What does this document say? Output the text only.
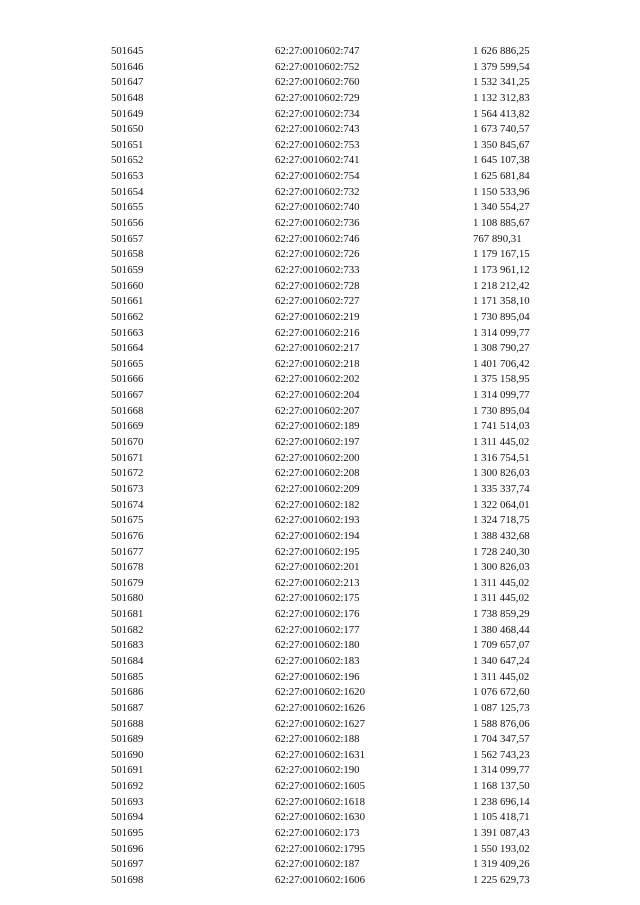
501645	62:27:0010602:747	1 626 886,25
501646	62:27:0010602:752	1 379 599,54
501647	62:27:0010602:760	1 532 341,25
501648	62:27:0010602:729	1 132 312,83
501649	62:27:0010602:734	1 564 413,82
501650	62:27:0010602:743	1 673 740,57
501651	62:27:0010602:753	1 350 845,67
501652	62:27:0010602:741	1 645 107,38
501653	62:27:0010602:754	1 625 681,84
501654	62:27:0010602:732	1 150 533,96
501655	62:27:0010602:740	1 340 554,27
501656	62:27:0010602:736	1 108 885,67
501657	62:27:0010602:746	767 890,31
501658	62:27:0010602:726	1 179 167,15
501659	62:27:0010602:733	1 173 961,12
501660	62:27:0010602:728	1 218 212,42
501661	62:27:0010602:727	1 171 358,10
501662	62:27:0010602:219	1 730 895,04
501663	62:27:0010602:216	1 314 099,77
501664	62:27:0010602:217	1 308 790,27
501665	62:27:0010602:218	1 401 706,42
501666	62:27:0010602:202	1 375 158,95
501667	62:27:0010602:204	1 314 099,77
501668	62:27:0010602:207	1 730 895,04
501669	62:27:0010602:189	1 741 514,03
501670	62:27:0010602:197	1 311 445,02
501671	62:27:0010602:200	1 316 754,51
501672	62:27:0010602:208	1 300 826,03
501673	62:27:0010602:209	1 335 337,74
501674	62:27:0010602:182	1 322 064,01
501675	62:27:0010602:193	1 324 718,75
501676	62:27:0010602:194	1 388 432,68
501677	62:27:0010602:195	1 728 240,30
501678	62:27:0010602:201	1 300 826,03
501679	62:27:0010602:213	1 311 445,02
501680	62:27:0010602:175	1 311 445,02
501681	62:27:0010602:176	1 738 859,29
501682	62:27:0010602:177	1 380 468,44
501683	62:27:0010602:180	1 709 657,07
501684	62:27:0010602:183	1 340 647,24
501685	62:27:0010602:196	1 311 445,02
501686	62:27:0010602:1620	1 076 672,60
501687	62:27:0010602:1626	1 087 125,73
501688	62:27:0010602:1627	1 588 876,06
501689	62:27:0010602:188	1 704 347,57
501690	62:27:0010602:1631	1 562 743,23
501691	62:27:0010602:190	1 314 099,77
501692	62:27:0010602:1605	1 168 137,50
501693	62:27:0010602:1618	1 238 696,14
501694	62:27:0010602:1630	1 105 418,71
501695	62:27:0010602:173	1 391 087,43
501696	62:27:0010602:1795	1 550 193,02
501697	62:27:0010602:187	1 319 409,26
501698	62:27:0010602:1606	1 225 629,73
